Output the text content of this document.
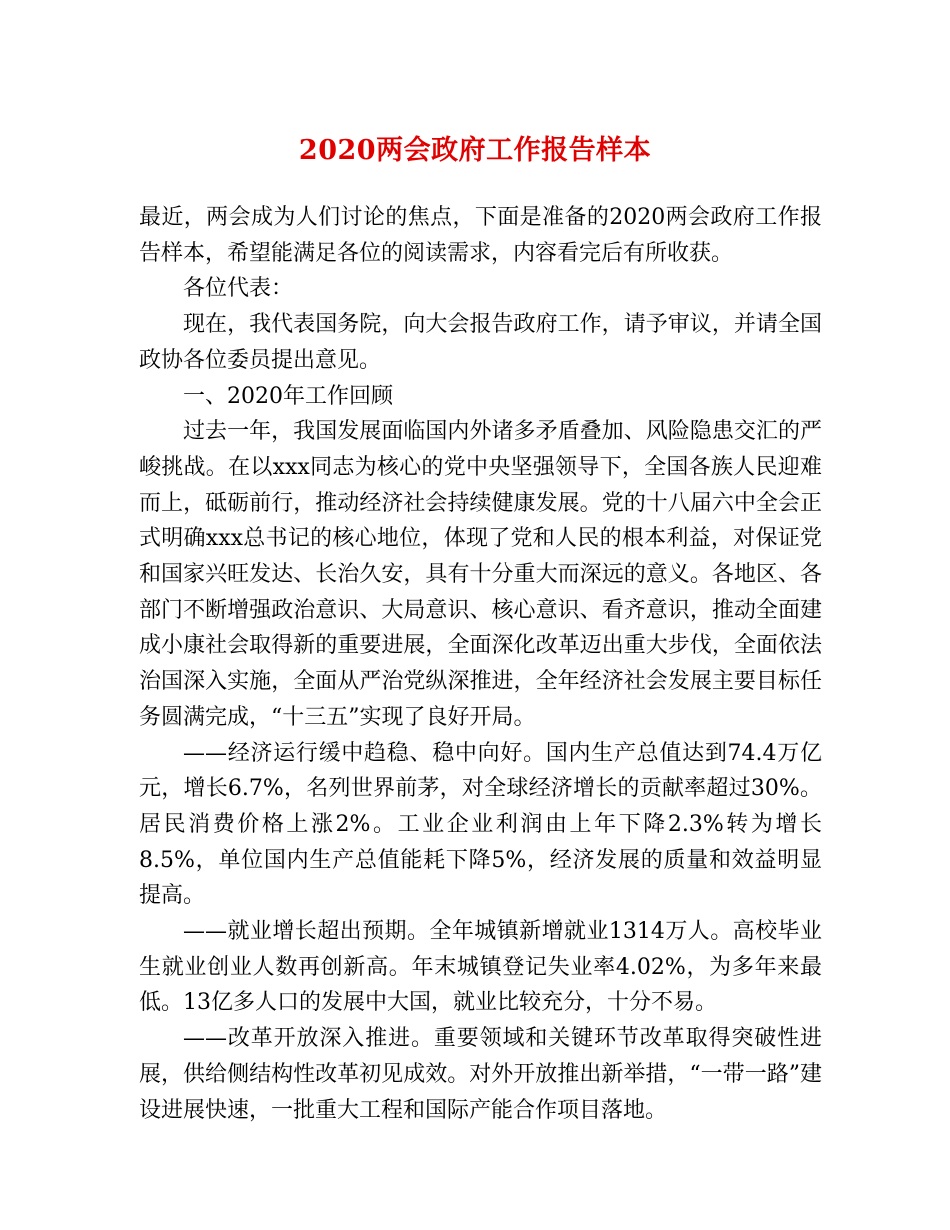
2020两会政府工作报告样本

最近，两会成为人们讨论的焦点，下面是准备的2020两会政府工作报告样本，希望能满足各位的阅读需求，内容看完后有所收获。

各位代表：

现在，我代表国务院，向大会报告政府工作，请予审议，并请全国政协各位委员提出意见。

一、2020年工作回顾

过去一年，我国发展面临国内外诸多矛盾叠加、风险隐患交汇的严峻挑战。在以xxx同志为核心的党中央坚强领导下，全国各族人民迎难而上，砥砺前行，推动经济社会持续健康发展。党的十八届六中全会正式明确xxx总书记的核心地位，体现了党和人民的根本利益，对保证党和国家兴旺发达、长治久安，具有十分重大而深远的意义。各地区、各部门不断增强政治意识、大局意识、核心意识、看齐意识，推动全面建成小康社会取得新的重要进展，全面深化改革迈出重大步伐，全面依法治国深入实施，全面从严治党纵深推进，全年经济社会发展主要目标任务圆满完成，“十三五”实现了良好开局。

——经济运行缓中趋稳、稳中向好。国内生产总值达到74.4万亿元，增长6.7%，名列世界前茅，对全球经济增长的贡献率超过30%。居民消费价格上涨2%。工业企业利润由上年下降2.3%转为增长8.5%，单位国内生产总值能耗下降5%，经济发展的质量和效益明显提高。

——就业增长超出预期。全年城镇新增就业1314万人。高校毕业生就业创业人数再创新高。年末城镇登记失业率4.02%，为多年来最低。13亿多人口的发展中大国，就业比较充分，十分不易。

——改革开放深入推进。重要领域和关键环节改革取得突破性进展，供给侧结构性改革初见成效。对外开放推出新举措，“一带一路”建设进展快速，一批重大工程和国际产能合作项目落地。
